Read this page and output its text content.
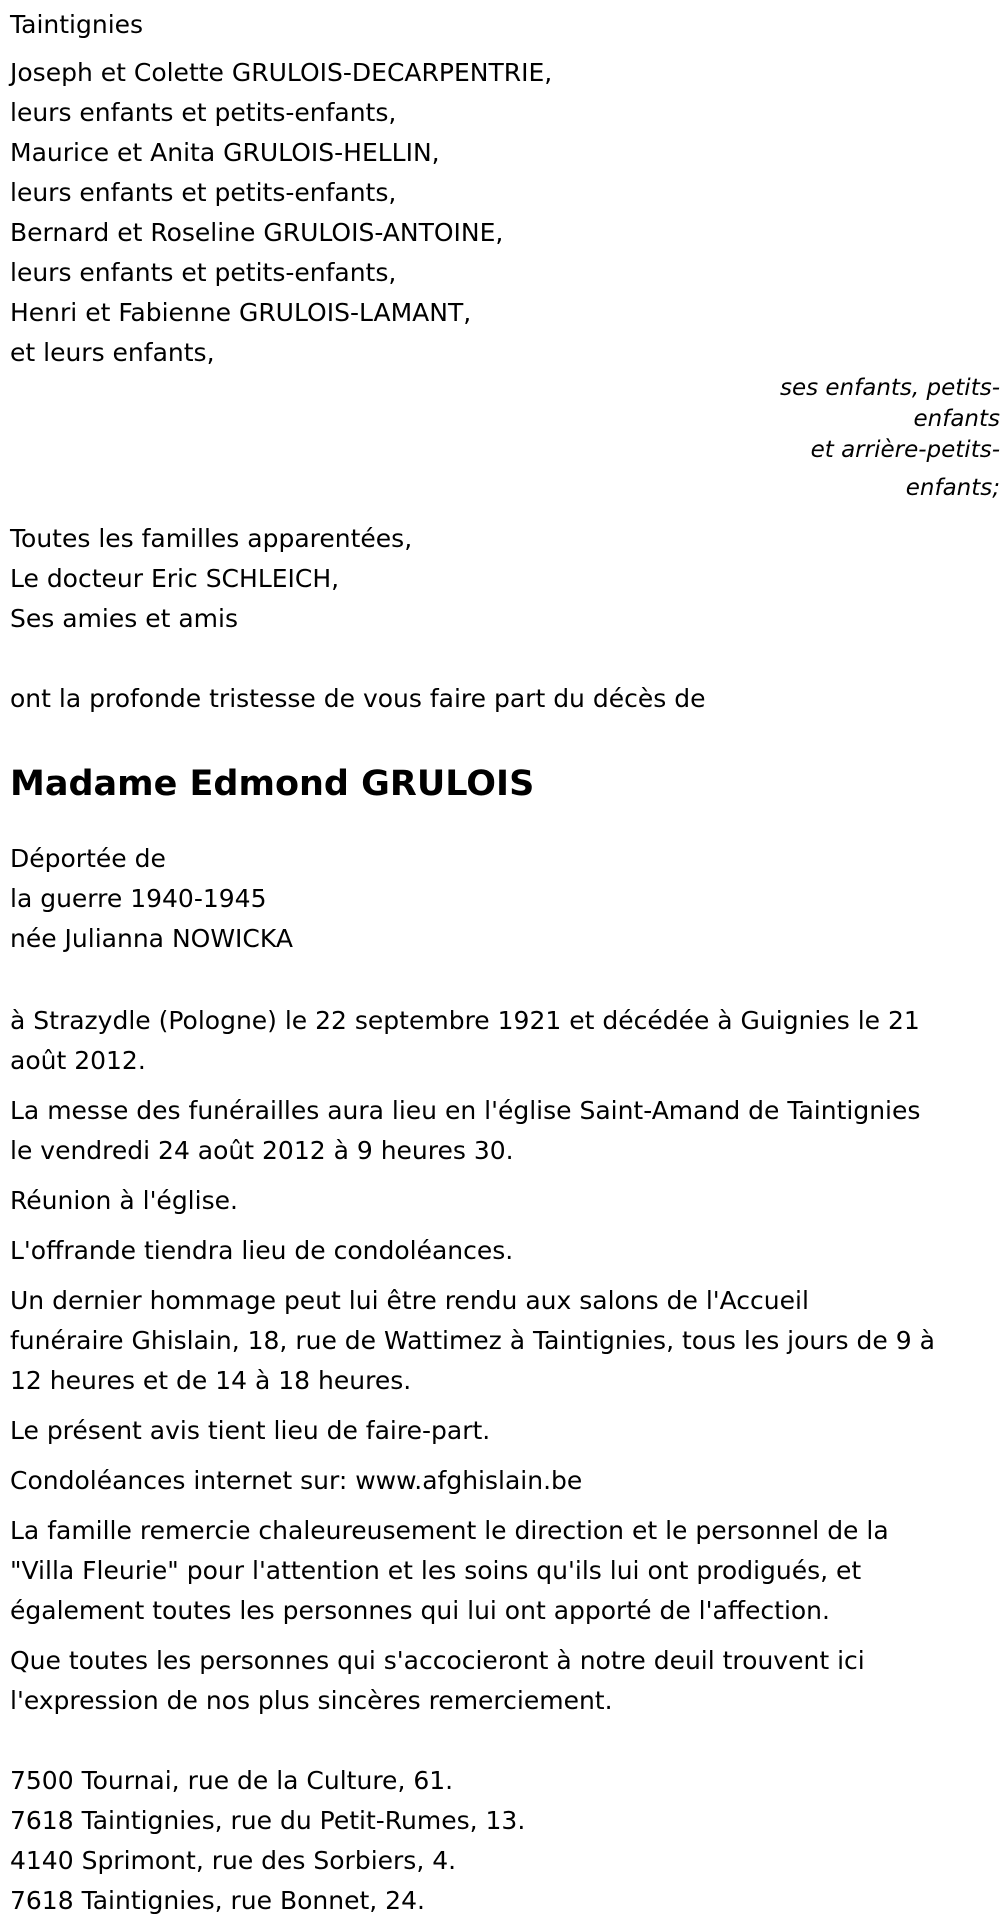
Taintignies
Joseph et Colette GRULOIS-DECARPENTRIE,
leurs enfants et petits-enfants,
Maurice et Anita GRULOIS-HELLIN,
leurs enfants et petits-enfants,
Bernard et Roseline GRULOIS-ANTOINE,
leurs enfants et petits-enfants,
Henri et Fabienne GRULOIS-LAMANT,
et leurs enfants,
ses enfants, petits-
enfants
et arrière-petits-
enfants;
Toutes les familles apparentées,
Le docteur Eric SCHLEICH,
Ses amies et amis
ont la profonde tristesse de vous faire part du décès de
Madame Edmond GRULOIS
Déportée de
la guerre 1940-1945
née Julianna NOWICKA
à Strazydle (Pologne) le 22 septembre 1921 et décédée à Guignies le 21
août 2012.
La messe des funérailles aura lieu en l'église Saint-Amand de Taintignies
le vendredi 24 août 2012 à 9 heures 30.
Réunion à l'église.
L'offrande tiendra lieu de condoléances.
Un dernier hommage peut lui être rendu aux salons de l'Accueil
funéraire Ghislain, 18, rue de Wattimez à Taintignies, tous les jours de 9 à
12 heures et de 14 à 18 heures.
Le présent avis tient lieu de faire-part.
Condoléances internet sur: www.afghislain.be
La famille remercie chaleureusement le direction et le personnel de la
"Villa Fleurie" pour l'attention et les soins qu'ils lui ont prodigués, et
également toutes les personnes qui lui ont apporté de l'affection.
Que toutes les personnes qui s'accocieront à notre deuil trouvent ici
l'expression de nos plus sincères remerciement.
7500 Tournai, rue de la Culture, 61.
7618 Taintignies, rue du Petit-Rumes, 13.
4140 Sprimont, rue des Sorbiers, 4.
7618 Taintignies, rue Bonnet, 24.
